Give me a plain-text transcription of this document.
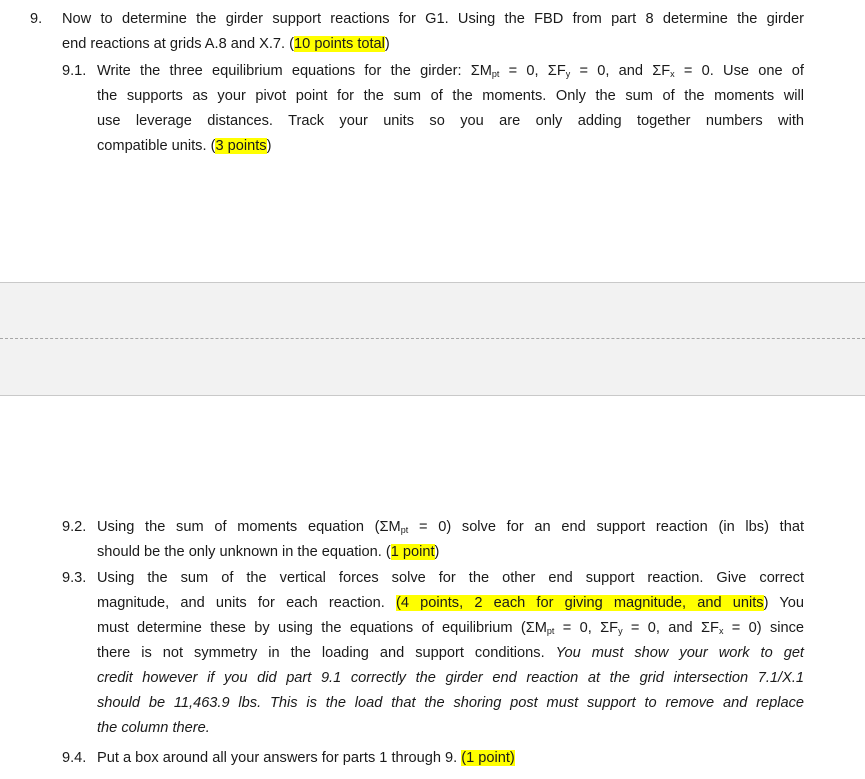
9. Now to determine the girder support reactions for G1. Using the FBD from part 8 determine the girder
end reactions at grids A.8 and X.7. (10 points total)
9.1. Write the three equilibrium equations for the girder: $\Sigma M_{pt} = 0$, $\Sigma F_y = 0$, and $\Sigma F_x = 0$. Use one of
the supports as your pivot point for the sum of the moments. Only the sum of the moments will
use leverage distances. Track your units so you are only adding together numbers with
compatible units. (3 points)
9.2. Using the sum of moments equation $(\Sigma M_{pt} = 0)$ solve for an end support reaction (in lbs) that
should be the only unknown in the equation. (1 point)
9.3. Using the sum of the vertical forces solve for the other end support reaction. Give correct
magnitude, and units for each reaction. (4 points, 2 each for giving magnitude, and units) You
must determine these by using the equations of equilibrium ($\Sigma M_{pt} = 0$, $\Sigma F_y = 0$, and $\Sigma F_x = 0$) since
there is not symmetry in the loading and support conditions. You must show your work to get
credit however if you did part 9.1 correctly the girder end reaction at the grid intersection 7.1/X.1
should be 11,463.9 lbs. This is the load that the shoring post must support to remove and replace
the column there.
9.4. Put a box around all your answers for parts 1 through 9. (1 point)
